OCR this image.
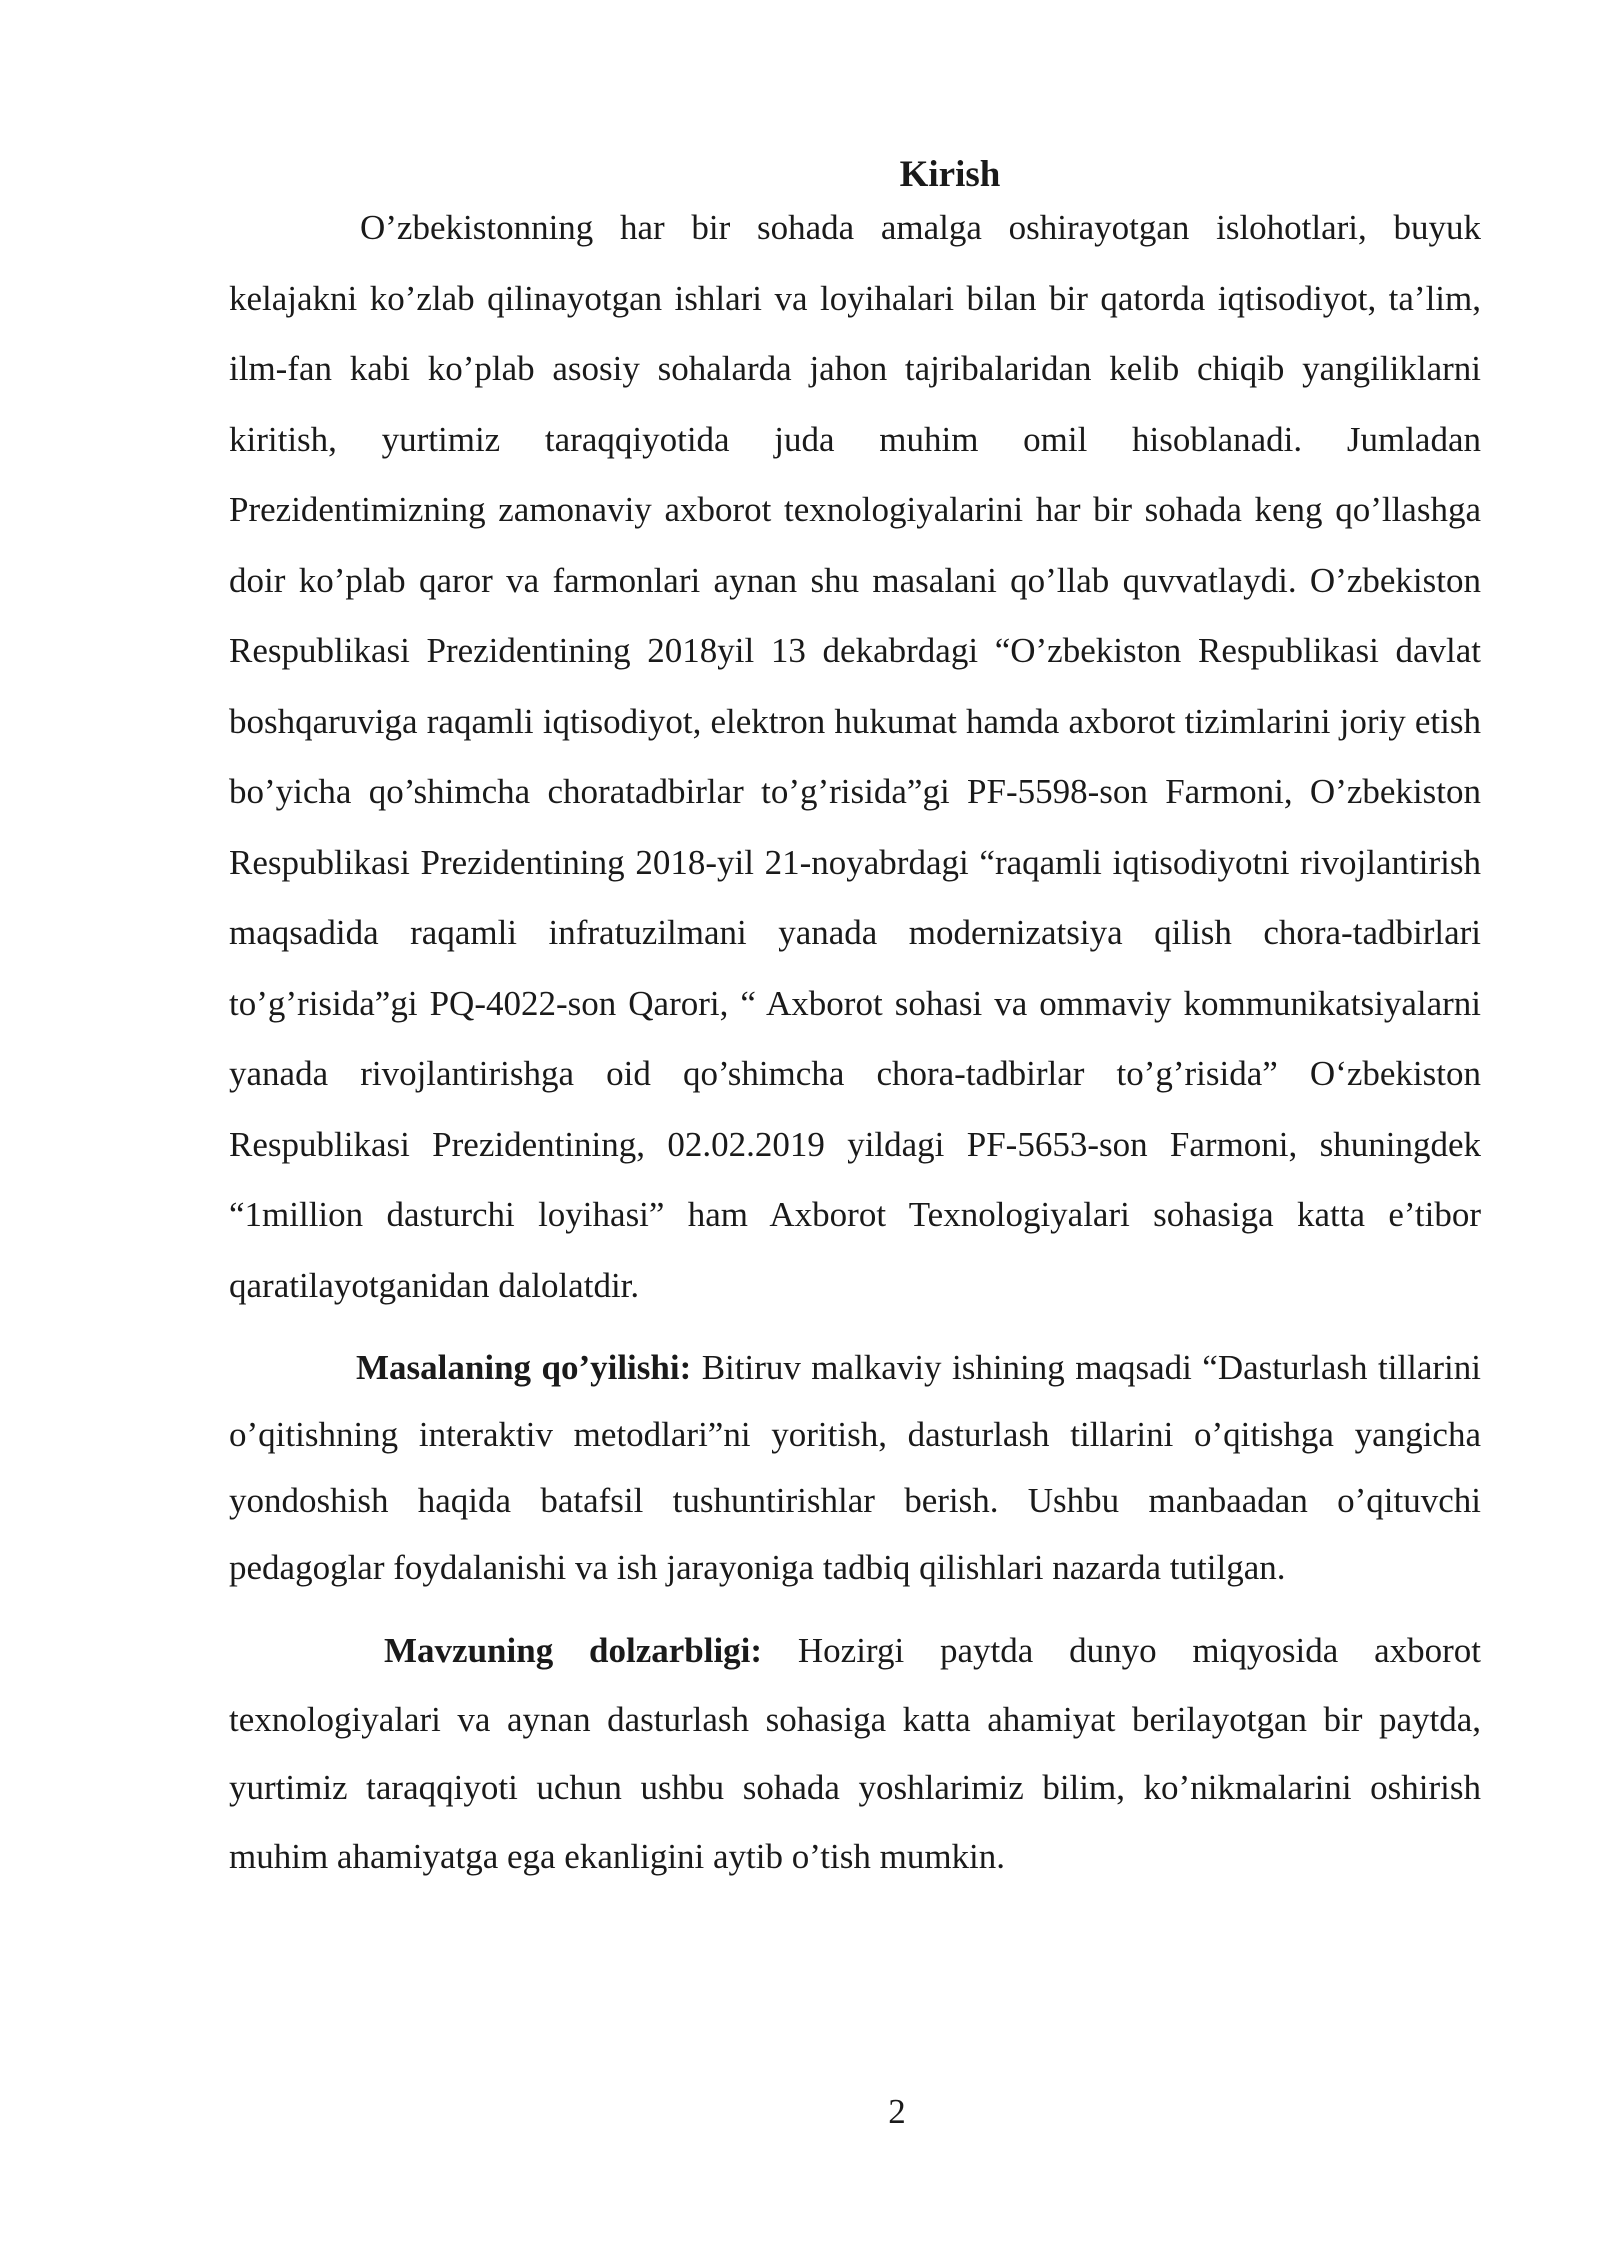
Kirish

O’zbekistonning har bir sohada amalga oshirayotgan islohotlari, buyuk kelajakni ko’zlab qilinayotgan ishlari va loyihalari bilan bir qatorda iqtisodiyot, ta’lim, ilm-fan kabi ko’plab asosiy sohalarda jahon tajribalaridan kelib chiqib yangiliklarni kiritish, yurtimiz taraqqiyotida juda muhim omil hisoblanadi. Jumladan Prezidentimizning zamonaviy axborot texnologiyalarini har bir sohada keng qo’llashga doir ko’plab qaror va farmonlari aynan shu masalani qo’llab quvvatlaydi. O’zbekiston Respublikasi Prezidentining 2018yil 13 dekabrdagi “O’zbekiston Respublikasi davlat boshqaruviga raqamli iqtisodiyot, elektron hukumat hamda axborot tizimlarini joriy etish bo’yicha qo’shimcha choratadbirlar to’g’risida”gi PF-5598-son Farmoni, O’zbekiston Respublikasi Prezidentining 2018-yil 21-noyabrdagi “raqamli iqtisodiyotni rivojlantirish maqsadida raqamli infratuzilmani yanada modernizatsiya qilish chora-tadbirlari to’g’risida”gi PQ-4022-son Qarori, “ Axborot sohasi va ommaviy kommunikatsiyalarni yanada rivojlantirishga oid qo’shimcha chora-tadbirlar to’g’risida” O‘zbekiston Respublikasi Prezidentining, 02.02.2019 yildagi PF-5653-son Farmoni, shuningdek “1million dasturchi loyihasi” ham Axborot Texnologiyalari sohasiga katta e’tibor qaratilayotganidan dalolatdir.

Masalaning qo’yilishi: Bitiruv malkaviy ishining maqsadi “Dasturlash tillarini o’qitishning interaktiv metodlari”ni yoritish, dasturlash tillarini o’qitishga yangicha yondoshish haqida batafsil tushuntirishlar berish. Ushbu manbaadan o’qituvchi pedagoglar foydalanishi va ish jarayoniga tadbiq qilishlari nazarda tutilgan.

Mavzuning dolzarbligi: Hozirgi paytda dunyo miqyosida axborot texnologiyalari va aynan dasturlash sohasiga katta ahamiyat berilayotgan bir paytda, yurtimiz taraqqiyoti uchun ushbu sohada yoshlarimiz bilim, ko’nikmalarini oshirish muhim ahamiyatga ega ekanligini aytib o’tish mumkin.

2
